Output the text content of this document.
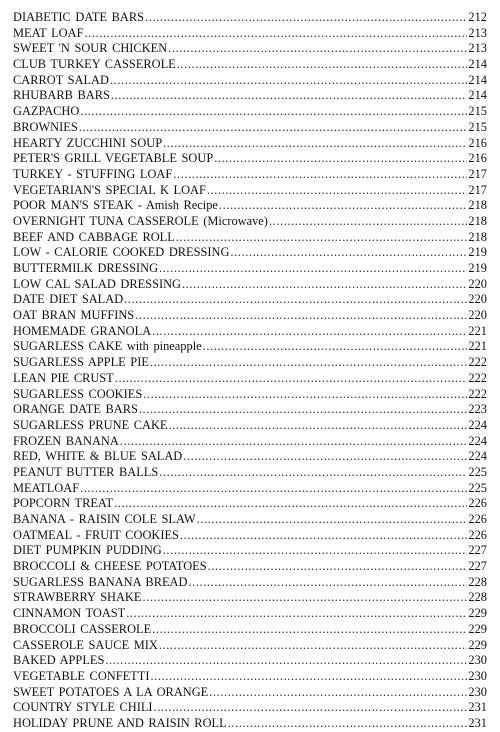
DIABETIC DATE BARS .....	212
MEAT LOAF .....	213
SWEET 'N SOUR CHICKEN .....	213
CLUB TURKEY CASSEROLE .....	214
CARROT SALAD .....	214
RHUBARB BARS .....	214
GAZPACHO .....	215
BROWNIES .....	215
HEARTY ZUCCHINI SOUP .....	216
PETER'S GRILL VEGETABLE SOUP .....	216
TURKEY - STUFFING LOAF .....	217
VEGETARIAN'S SPECIAL K LOAF .....	217
POOR MAN'S STEAK - Amish Recipe .....	218
OVERNIGHT TUNA CASSEROLE (Microwave) .....	218
BEEF AND CABBAGE ROLL .....	218
LOW - CALORIE COOKED DRESSING .....	219
BUTTERMILK DRESSING .....	219
LOW CAL SALAD DRESSING .....	220
DATE DIET SALAD .....	220
OAT BRAN MUFFINS .....	220
HOMEMADE GRANOLA .....	221
SUGARLESS CAKE with pineapple .....	221
SUGARLESS APPLE PIE .....	222
LEAN PIE CRUST .....	222
SUGARLESS COOKIES .....	222
ORANGE DATE BARS .....	223
SUGARLESS PRUNE CAKE .....	224
FROZEN BANANA .....	224
RED, WHITE & BLUE SALAD .....	224
PEANUT BUTTER BALLS .....	225
MEATLOAF .....	225
POPCORN TREAT .....	226
BANANA - RAISIN COLE SLAW .....	226
OATMEAL - FRUIT COOKIES .....	226
DIET PUMPKIN PUDDING .....	227
BROCCOLI & CHEESE POTATOES .....	227
SUGARLESS BANANA BREAD .....	228
STRAWBERRY SHAKE .....	228
CINNAMON TOAST .....	229
BROCCOLI CASSEROLE .....	229
CASSEROLE SAUCE MIX .....	229
BAKED APPLES .....	230
VEGETABLE CONFETTI .....	230
SWEET POTATOES A LA ORANGE .....	230
COUNTRY STYLE CHILI .....	231
HOLIDAY PRUNE AND RAISIN ROLL .....	231
